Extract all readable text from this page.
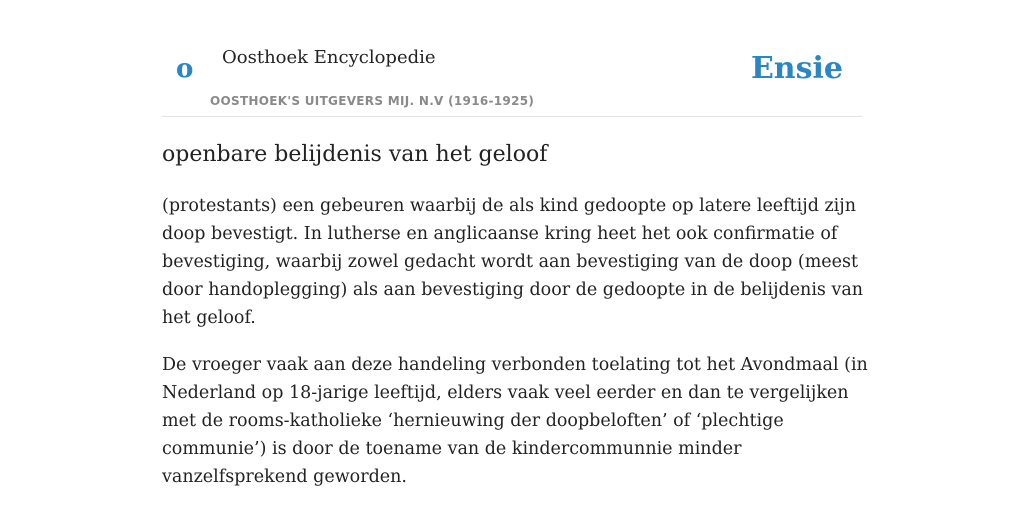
o Oosthoek Encyclopedie
OOSTHOEK'S UITGEVERS MIJ. N.V (1916-1925)
Ensie
openbare belijdenis van het geloof

(protestants) een gebeuren waarbij de als kind gedoopte op latere leeftijd zijn doop bevestigt. In lutherse en anglicaanse kring heet het ook confirmatie of bevestiging, waarbij zowel gedacht wordt aan bevestiging van de doop (meest door handoplegging) als aan bevestiging door de gedoopte in de belijdenis van het geloof.

De vroeger vaak aan deze handeling verbonden toelating tot het Avondmaal (in Nederland op 18-jarige leeftijd, elders vaak veel eerder en dan te vergelijken met de rooms-katholieke ‘hernieuwing der doopbeloften’ of ‘plechtige communie’) is door de toename van de kindercommunnie minder vanzelfsprekend geworden.
